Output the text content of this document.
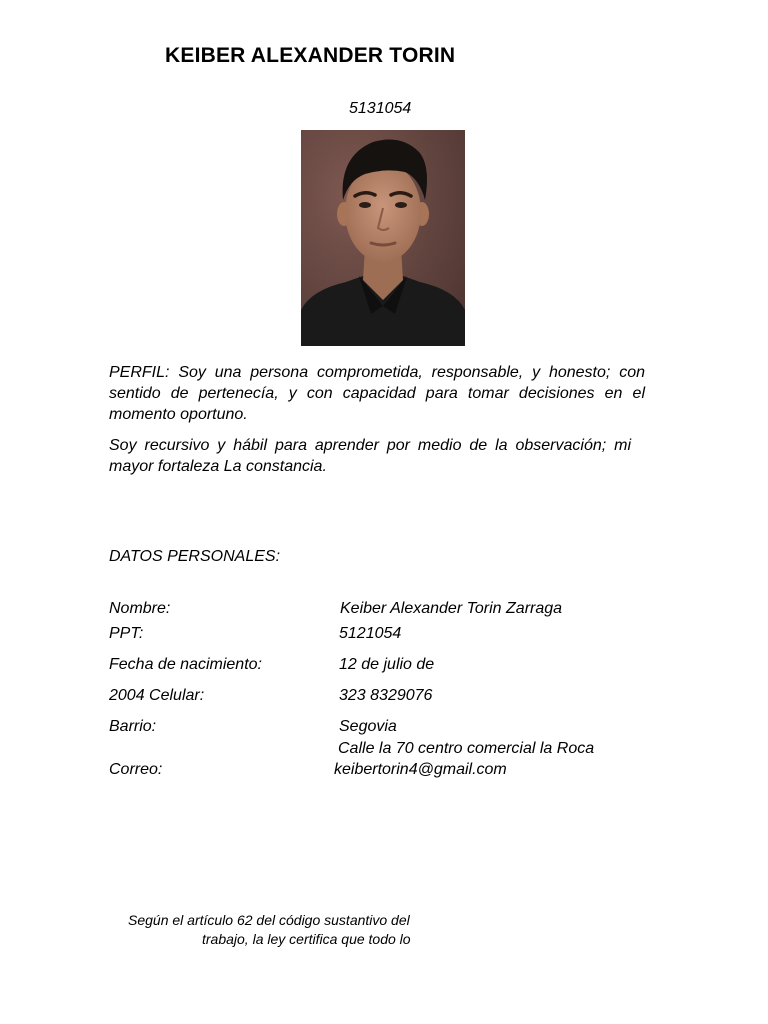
KEIBER ALEXANDER TORIN
5131054

PERFIL: Soy una persona comprometida, responsable, y honesto; con sentido de pertenecía, y con capacidad para tomar decisiones en el momento oportuno.

Soy recursivo y hábil para aprender por medio de la observación; mi mayor fortaleza La constancia.

DATOS PERSONALES:
Nombre:	Keiber Alexander Torin Zarraga
PPT:	5121054
Fecha de nacimiento:	12 de julio de
2004 Celular:	323 8329076
Barrio:	Segovia
Calle la 70 centro comercial la Roca
Correo:	keibertorin4@gmail.com
Según el artículo 62 del código sustantivo del
trabajo, la ley certifica que todo lo
